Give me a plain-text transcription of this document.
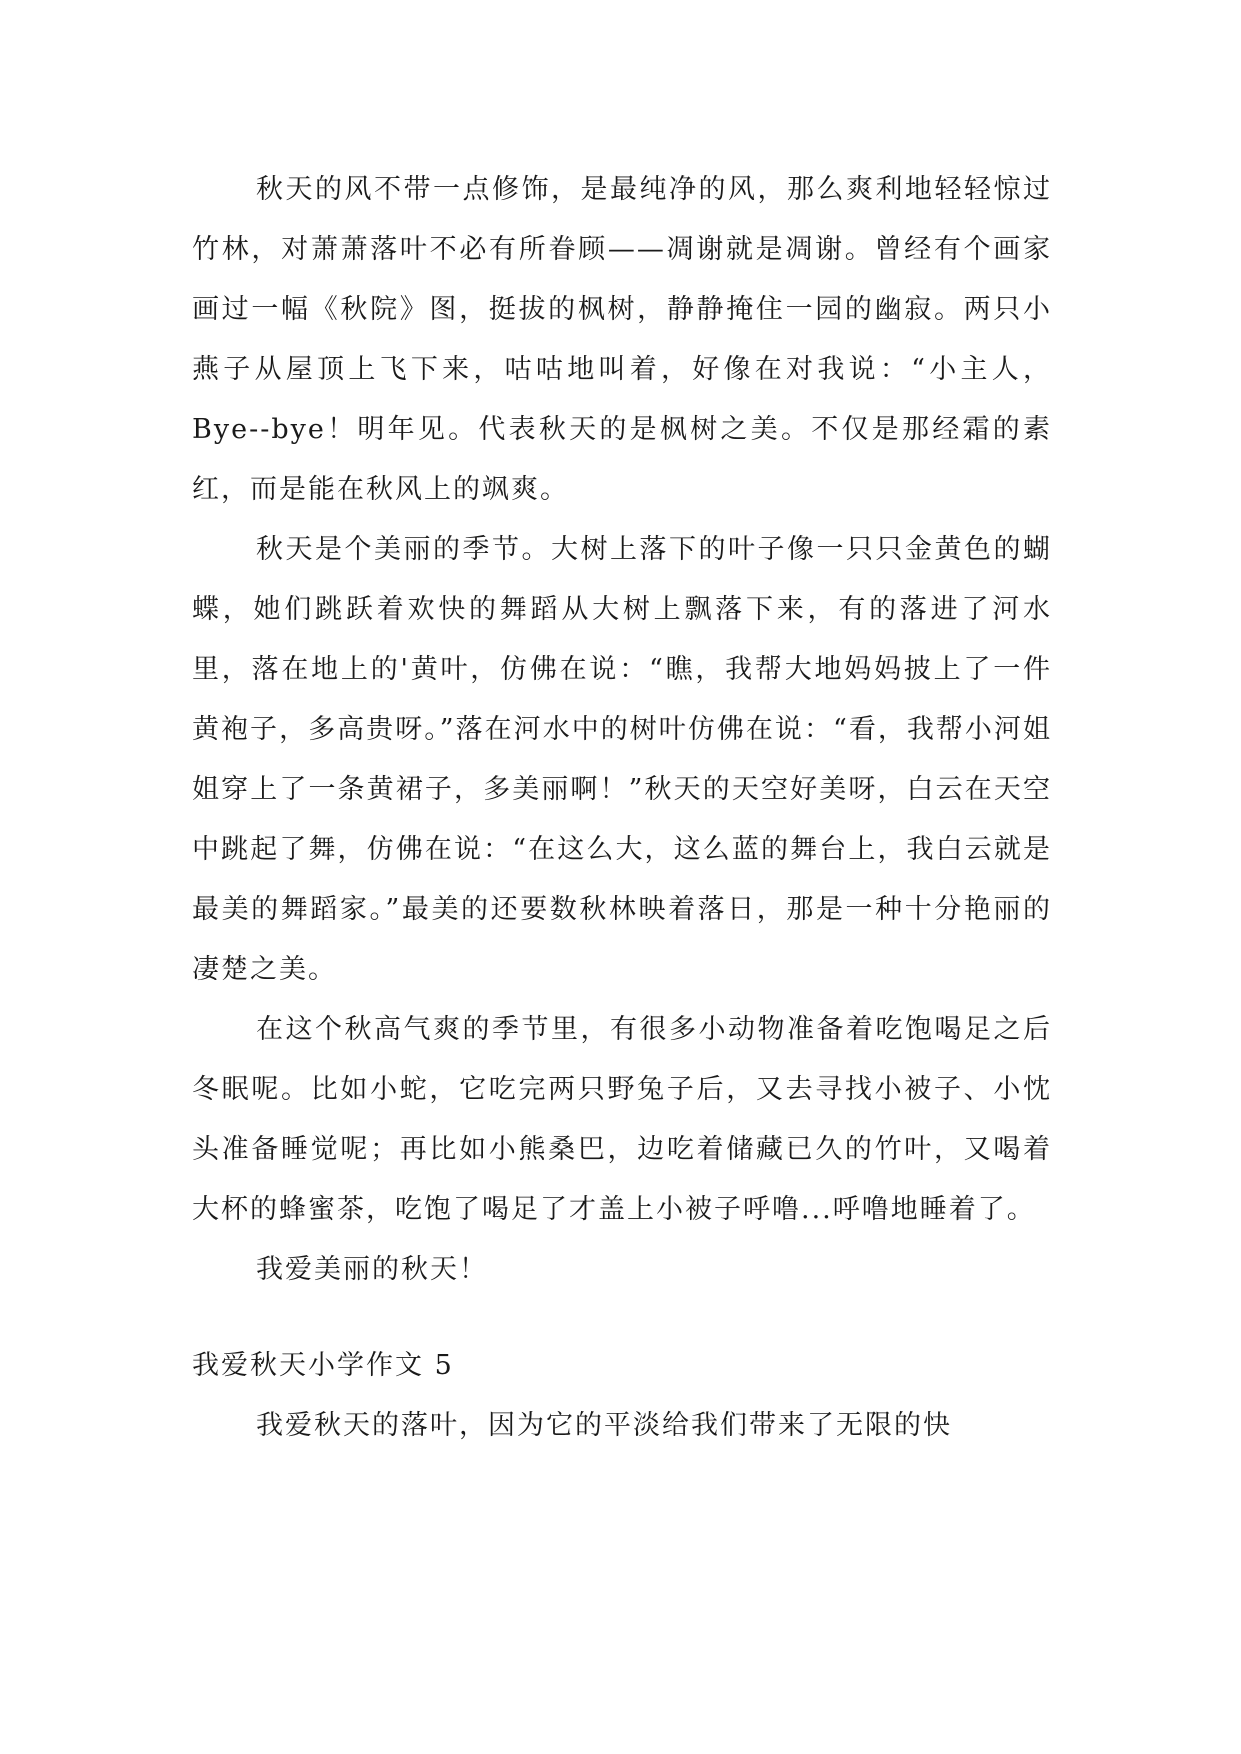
秋天的风不带一点修饰，是最纯净的风，那么爽利地轻轻惊过竹林，对萧萧落叶不必有所眷顾——凋谢就是凋谢。曾经有个画家画过一幅《秋院》图，挺拔的枫树，静静掩住一园的幽寂。两只小燕子从屋顶上飞下来，咕咕地叫着，好像在对我说：“小主人，Bye--bye！明年见。代表秋天的是枫树之美。不仅是那经霜的素红，而是能在秋风上的飒爽。

秋天是个美丽的季节。大树上落下的叶子像一只只金黄色的蝴蝶，她们跳跃着欢快的舞蹈从大树上飘落下来，有的落进了河水里，落在地上的'黄叶，仿佛在说：“瞧，我帮大地妈妈披上了一件黄袍子，多高贵呀。”落在河水中的树叶仿佛在说：“看，我帮小河姐姐穿上了一条黄裙子，多美丽啊！”秋天的天空好美呀，白云在天空中跳起了舞，仿佛在说：“在这么大，这么蓝的舞台上，我白云就是最美的舞蹈家。”最美的还要数秋林映着落日，那是一种十分艳丽的凄楚之美。

在这个秋高气爽的季节里，有很多小动物准备着吃饱喝足之后冬眠呢。比如小蛇，它吃完两只野兔子后，又去寻找小被子、小忱头准备睡觉呢；再比如小熊桑巴，边吃着储藏已久的竹叶，又喝着大杯的蜂蜜茶，吃饱了喝足了才盖上小被子呼噜...呼噜地睡着了。

我爱美丽的秋天！

我爱秋天小学作文 5

我爱秋天的落叶，因为它的平淡给我们带来了无限的快
